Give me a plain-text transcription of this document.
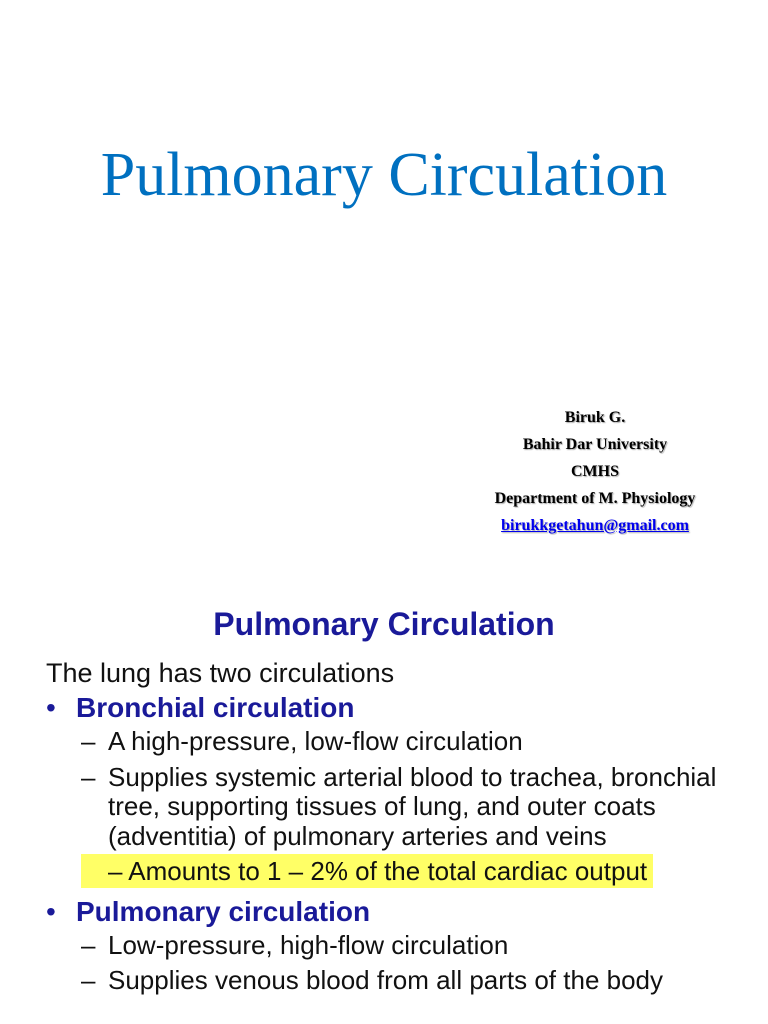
Pulmonary Circulation
Biruk G.
Bahir Dar University
CMHS
Department of M. Physiology
birukkgetahun@gmail.com
Pulmonary Circulation
The lung has two circulations
• Bronchial circulation
– A high-pressure, low-flow circulation
– Supplies systemic arterial blood to trachea, bronchial tree, supporting tissues of lung, and outer coats (adventitia) of pulmonary arteries and veins
– Amounts to 1 – 2% of the total cardiac output
• Pulmonary circulation
– Low-pressure, high-flow circulation
– Supplies venous blood from all parts of the body
